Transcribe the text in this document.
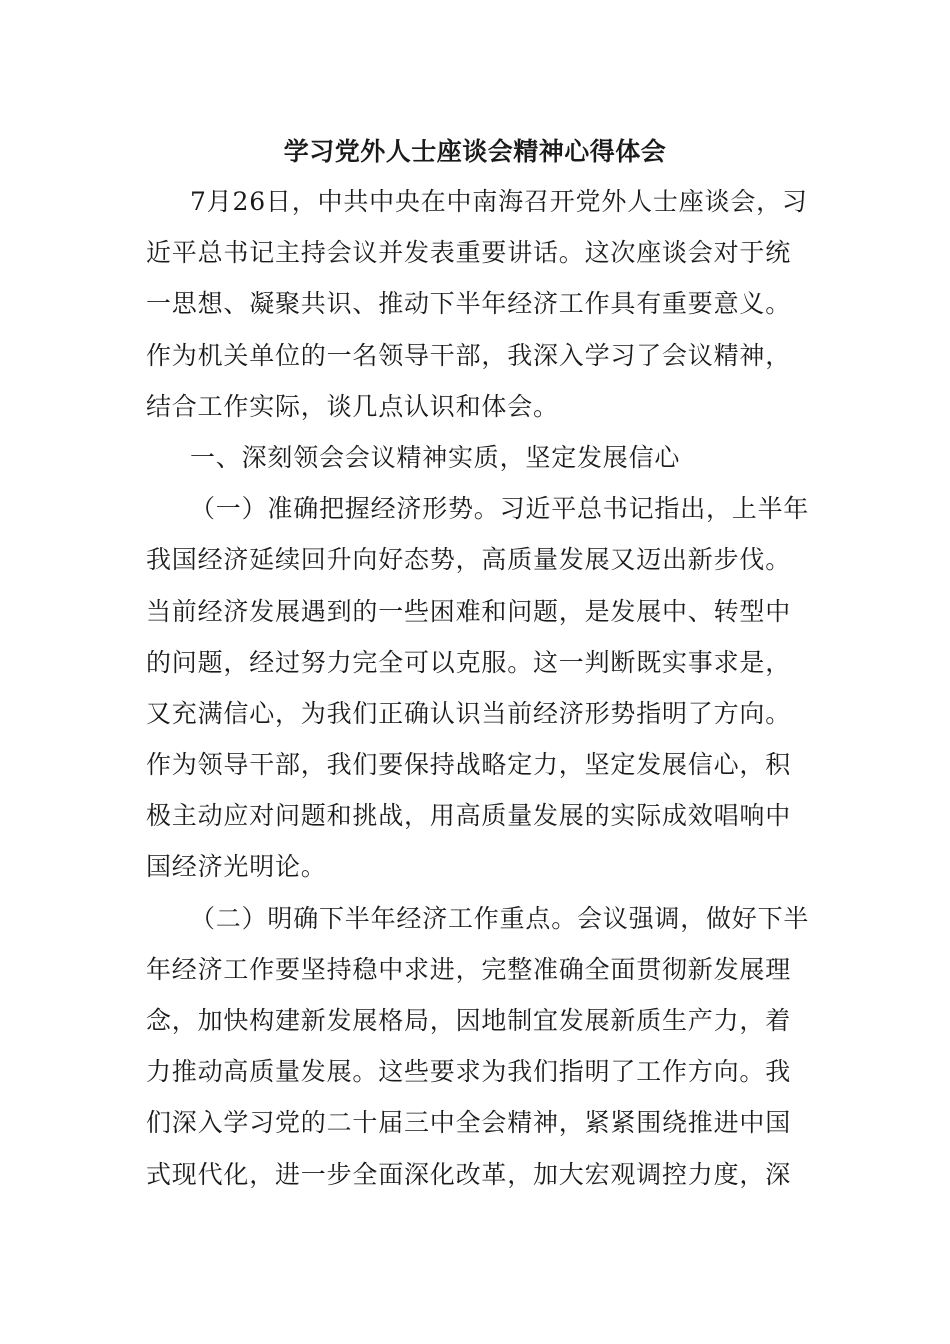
学习党外人士座谈会精神心得体会
7月26日，中共中央在中南海召开党外人士座谈会，习
近平总书记主持会议并发表重要讲话。这次座谈会对于统
一思想、凝聚共识、推动下半年经济工作具有重要意义。
作为机关单位的一名领导干部，我深入学习了会议精神，
结合工作实际，谈几点认识和体会。
一、深刻领会会议精神实质，坚定发展信心
（一）准确把握经济形势。习近平总书记指出，上半年
我国经济延续回升向好态势，高质量发展又迈出新步伐。
当前经济发展遇到的一些困难和问题，是发展中、转型中
的问题，经过努力完全可以克服。这一判断既实事求是，
又充满信心，为我们正确认识当前经济形势指明了方向。
作为领导干部，我们要保持战略定力，坚定发展信心，积
极主动应对问题和挑战，用高质量发展的实际成效唱响中
国经济光明论。
（二）明确下半年经济工作重点。会议强调，做好下半
年经济工作要坚持稳中求进，完整准确全面贯彻新发展理
念，加快构建新发展格局，因地制宜发展新质生产力，着
力推动高质量发展。这些要求为我们指明了工作方向。我
们深入学习党的二十届三中全会精神，紧紧围绕推进中国
式现代化，进一步全面深化改革，加大宏观调控力度，深
